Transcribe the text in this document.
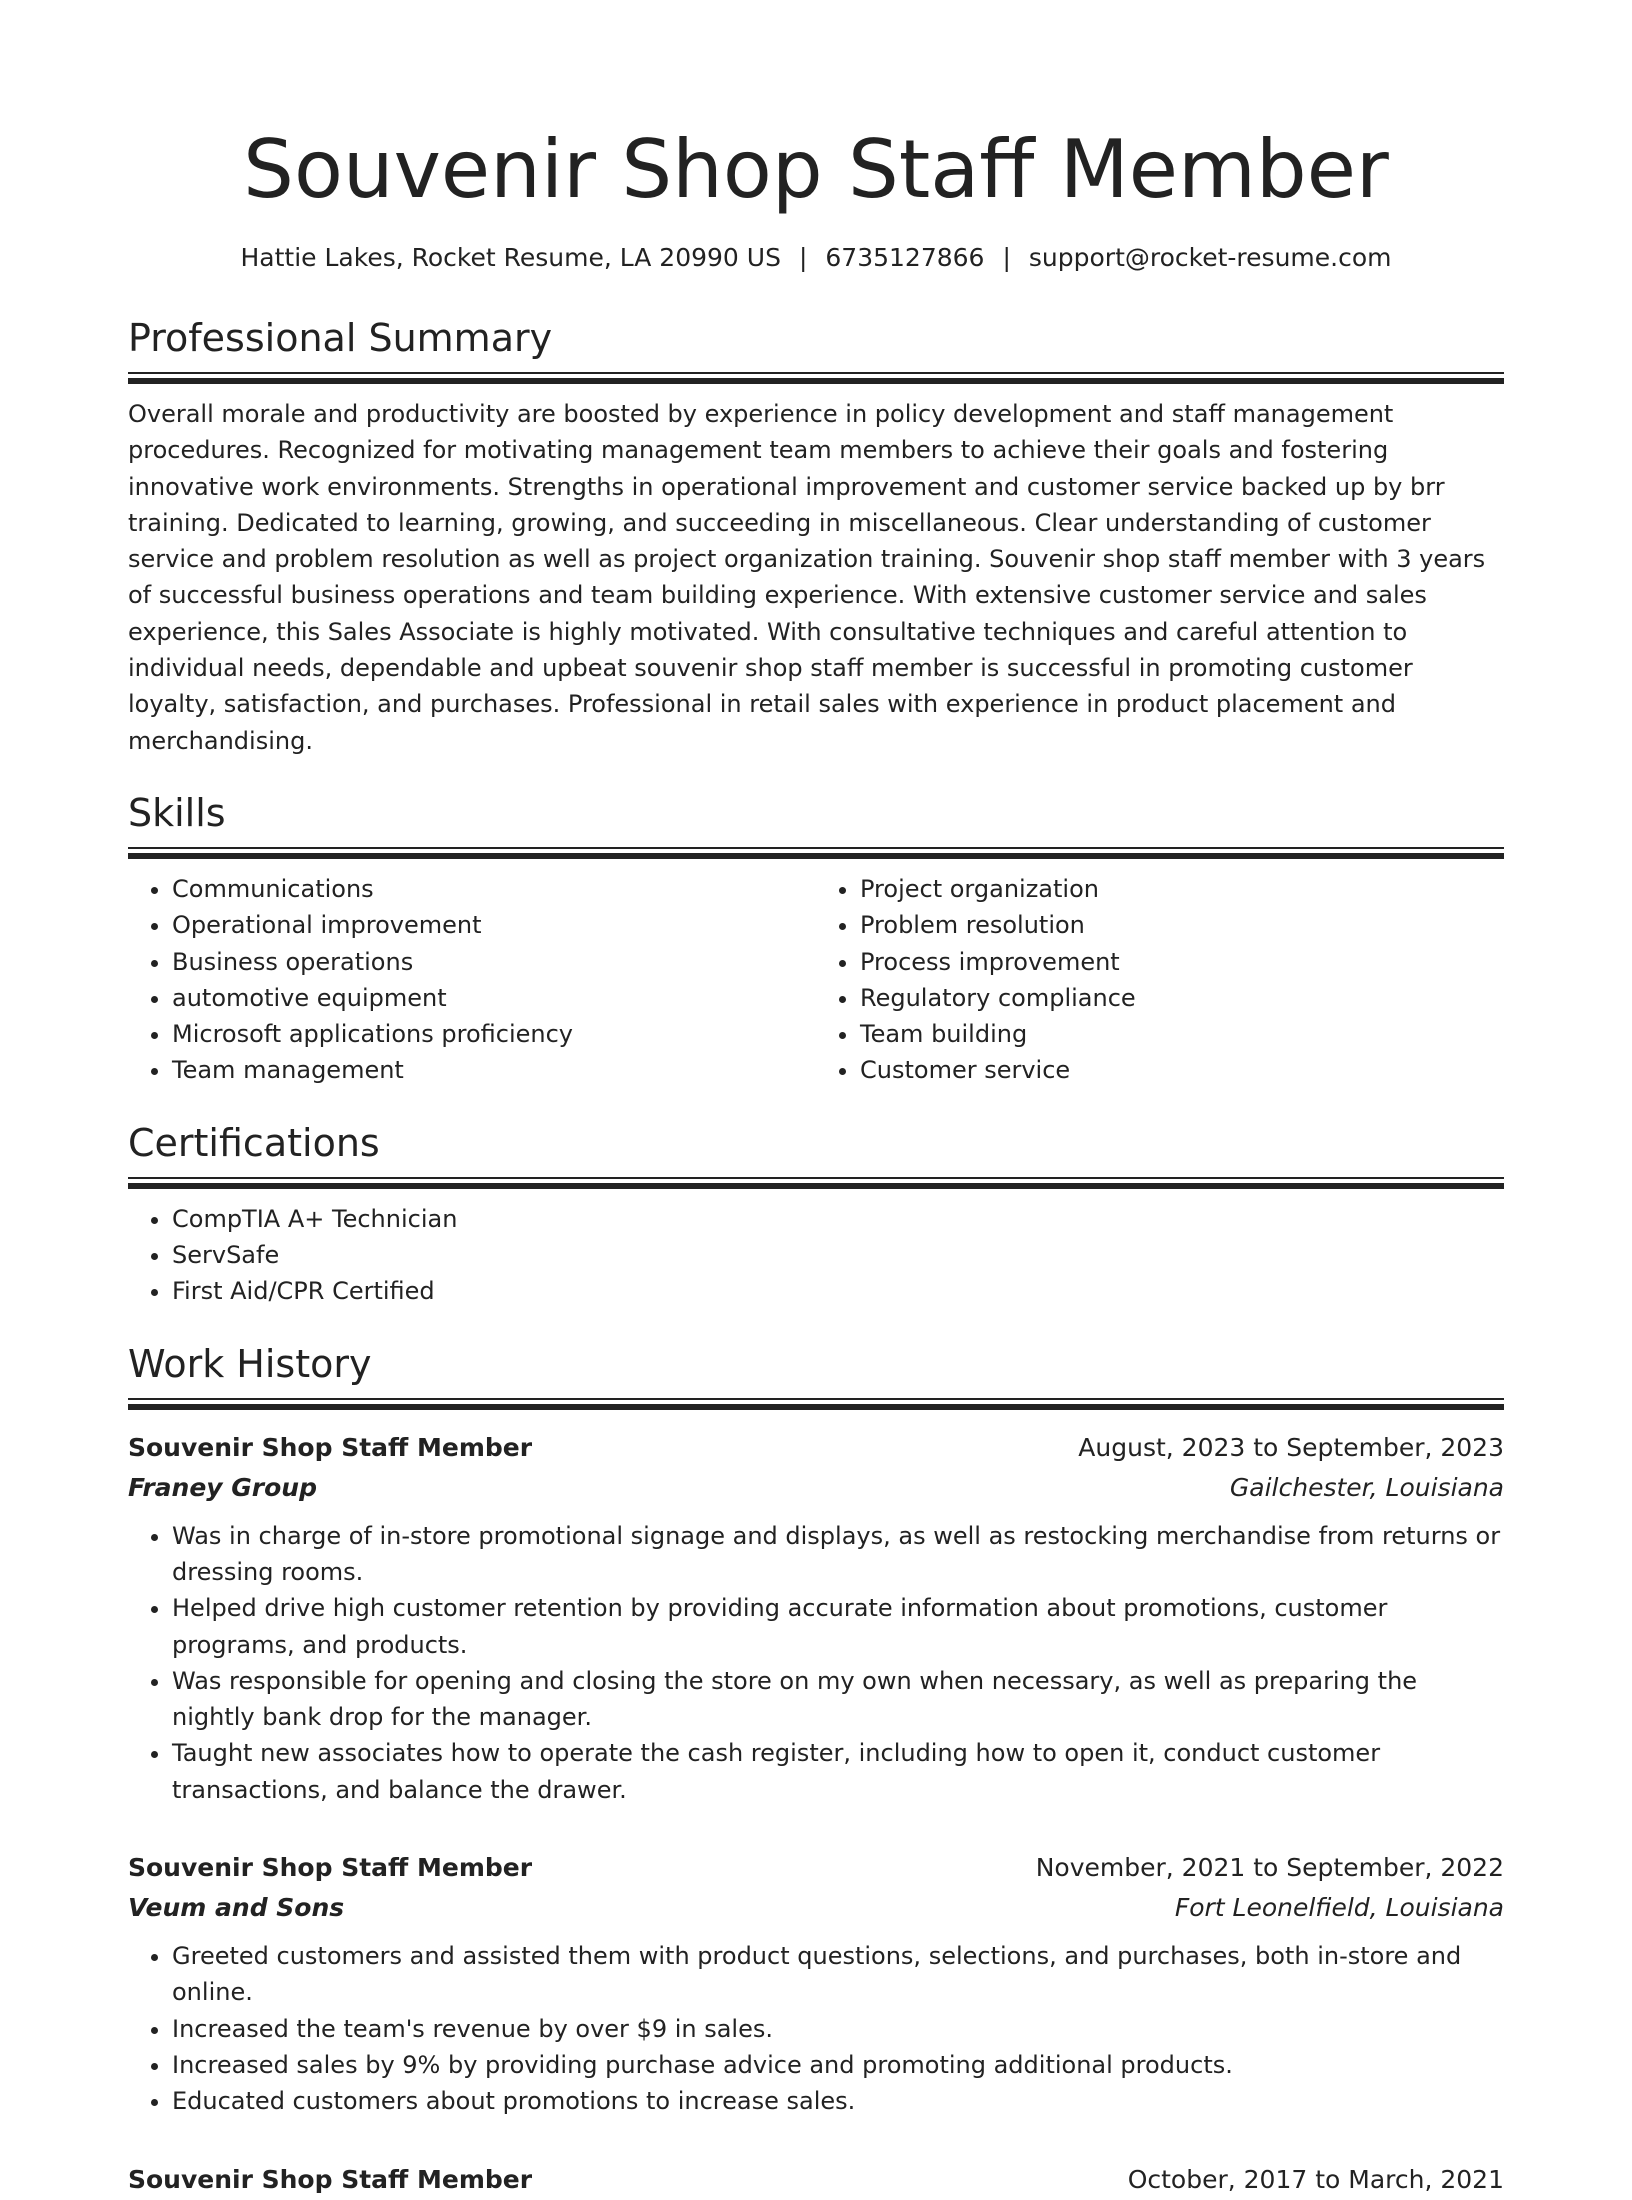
Souvenir Shop Staff Member
Hattie Lakes, Rocket Resume, LA 20990 US | 6735127866 | support@rocket-resume.com
Professional Summary

Overall morale and productivity are boosted by experience in policy development and staff management procedures. Recognized for motivating management team members to achieve their goals and fostering innovative work environments. Strengths in operational improvement and customer service backed up by brr training. Dedicated to learning, growing, and succeeding in miscellaneous. Clear understanding of customer service and problem resolution as well as project organization training. Souvenir shop staff member with 3 years of successful business operations and team building experience. With extensive customer service and sales experience, this Sales Associate is highly motivated. With consultative techniques and careful attention to individual needs, dependable and upbeat souvenir shop staff member is successful in promoting customer loyalty, satisfaction, and purchases. Professional in retail sales with experience in product placement and merchandising.

Skills
• Communications
• Operational improvement
• Business operations
• automotive equipment
• Microsoft applications proficiency
• Team management
• Project organization
• Problem resolution
• Process improvement
• Regulatory compliance
• Team building
• Customer service
Certifications
• CompTIA A+ Technician
• ServSafe
• First Aid/CPR Certified
Work History
Souvenir Shop Staff Member	August, 2023 to September, 2023
Franey Group	Gailchester, Louisiana
• Was in charge of in-store promotional signage and displays, as well as restocking merchandise from returns or dressing rooms.
• Helped drive high customer retention by providing accurate information about promotions, customer programs, and products.
• Was responsible for opening and closing the store on my own when necessary, as well as preparing the nightly bank drop for the manager.
• Taught new associates how to operate the cash register, including how to open it, conduct customer transactions, and balance the drawer.
Souvenir Shop Staff Member	November, 2021 to September, 2022
Veum and Sons	Fort Leonelfield, Louisiana
• Greeted customers and assisted them with product questions, selections, and purchases, both in-store and online.
• Increased the team's revenue by over $9 in sales.
• Increased sales by 9% by providing purchase advice and promoting additional products.
• Educated customers about promotions to increase sales.
Souvenir Shop Staff Member	October, 2017 to March, 2021
